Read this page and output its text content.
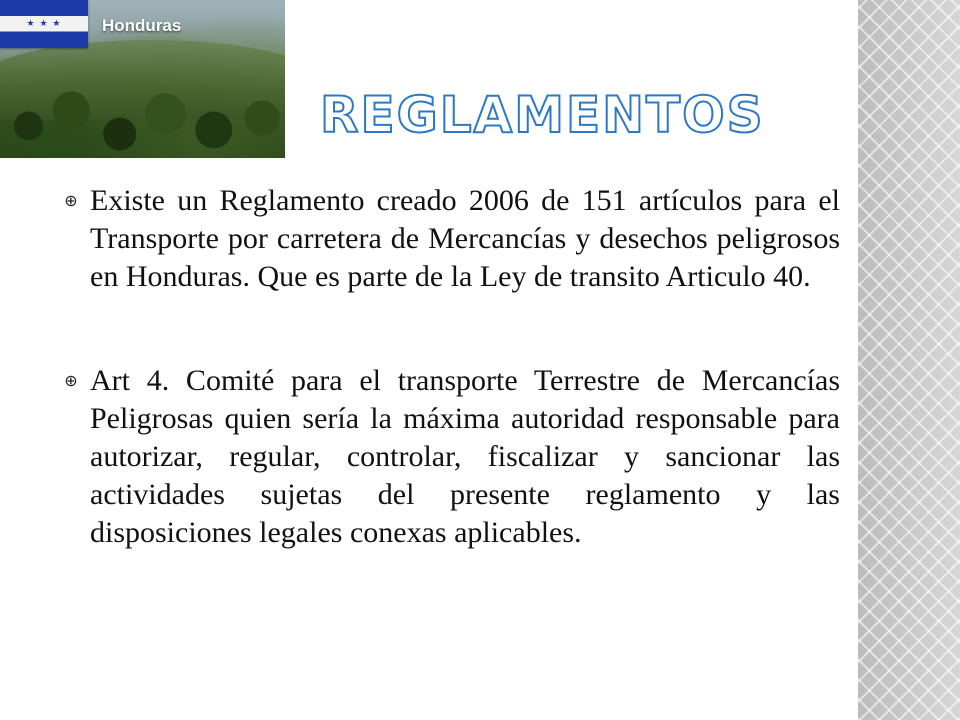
★ ★ ★	Honduras
REGLAMENTOS

⊕ Existe un Reglamento creado 2006 de 151 artículos para el Transporte por carretera de Mercancías y desechos peligrosos en Honduras. Que es parte de la Ley de transito Articulo 40.

⊕ Art 4. Comité para el transporte Terrestre de Mercancías Peligrosas quien sería la máxima autoridad responsable para autorizar, regular, controlar, fiscalizar y sancionar las actividades sujetas del presente reglamento y las disposiciones legales conexas aplicables.
